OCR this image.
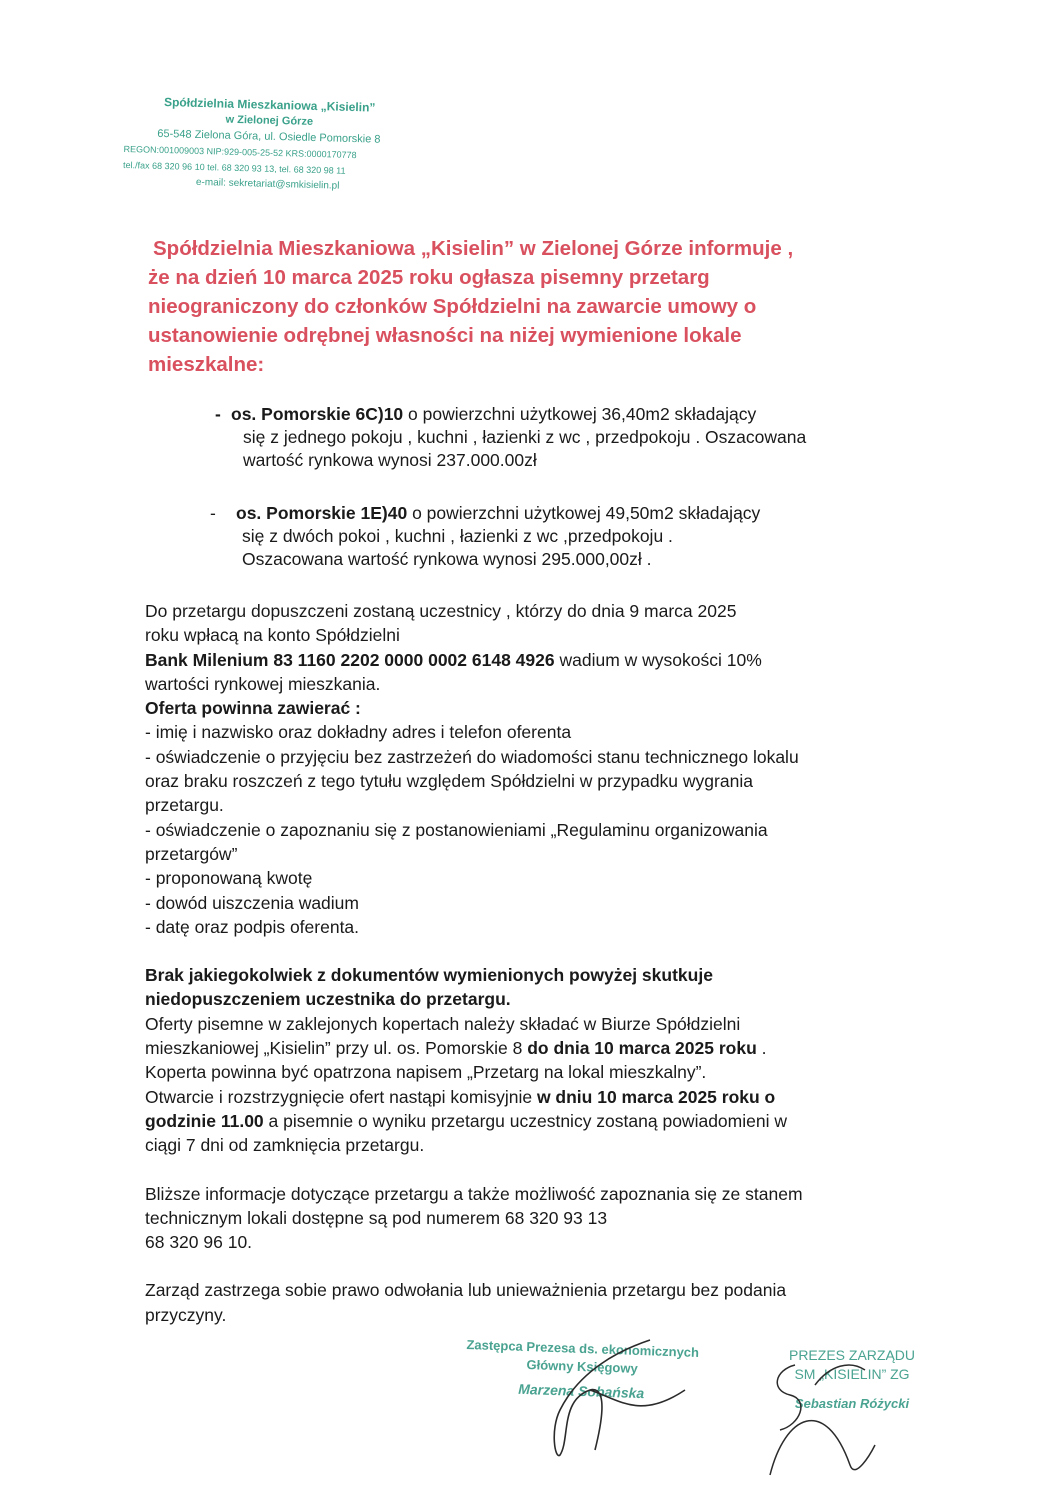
Spółdzielnia Mieszkaniowa „Kisielin”
w Zielonej Górze
65-548 Zielona Góra, ul. Osiedle Pomorskie 8
REGON:001009003 NIP:929-005-25-52 KRS:0000170778
tel./fax 68 320 96 10 tel. 68 320 93 13, tel. 68 320 98 11
e-mail: sekretariat@smkisielin.pl
Spółdzielnia Mieszkaniowa „Kisielin” w Zielonej Górze informuje ,
że na dzień 10 marca 2025 roku ogłasza pisemny przetarg
nieograniczony do członków Spółdzielni na zawarcie umowy o
ustanowienie odrębnej własności na niżej wymienione lokale
mieszkalne:
- os. Pomorskie 6C)10 o powierzchni użytkowej 36,40m2 składający
się z jednego pokoju , kuchni , łazienki z wc , przedpokoju . Oszacowana
wartość rynkowa wynosi 237.000.00zł
- os. Pomorskie 1E)40 o powierzchni użytkowej 49,50m2 składający
się z dwóch pokoi , kuchni , łazienki z wc ,przedpokoju .
Oszacowana wartość rynkowa wynosi 295.000,00zł .

Do przetargu dopuszczeni zostaną uczestnicy , którzy do dnia 9 marca 2025

roku wpłacą na konto Spółdzielni

Bank Milenium 83 1160 2202 0000 0002 6148 4926 wadium w wysokości 10%

wartości rynkowej mieszkania.

Oferta powinna zawierać :

- imię i nazwisko oraz dokładny adres i telefon oferenta

- oświadczenie o przyjęciu bez zastrzeżeń do wiadomości stanu technicznego lokalu

oraz braku roszczeń z tego tytułu względem Spółdzielni w przypadku wygrania

przetargu.

- oświadczenie o zapoznaniu się z postanowieniami „Regulaminu organizowania

przetargów”

- proponowaną kwotę

- dowód uiszczenia wadium

- datę oraz podpis oferenta.

Brak jakiegokolwiek z dokumentów wymienionych powyżej skutkuje

niedopuszczeniem uczestnika do przetargu.

Oferty pisemne w zaklejonych kopertach należy składać w Biurze Spółdzielni

mieszkaniowej „Kisielin” przy ul. os. Pomorskie 8 do dnia 10 marca 2025 roku .

Koperta powinna być opatrzona napisem „Przetarg na lokal mieszkalny”.

Otwarcie i rozstrzygnięcie ofert nastąpi komisyjnie w dniu 10 marca 2025 roku o

godzinie 11.00 a pisemnie o wyniku przetargu uczestnicy zostaną powiadomieni w

ciągi 7 dni od zamknięcia przetargu.

Bliższe informacje dotyczące przetargu a także możliwość zapoznania się ze stanem

technicznym lokali dostępne są pod numerem 68 320 93 13

68 320 96 10.

Zarząd zastrzega sobie prawo odwołania lub unieważnienia przetargu bez podania

przyczyny.

Zastępca Prezesa ds. ekonomicznych
Główny Księgowy
Marzena Sobańska
PREZES ZARZĄDU
SM „KISIELIN” ZG
Sebastian Różycki
